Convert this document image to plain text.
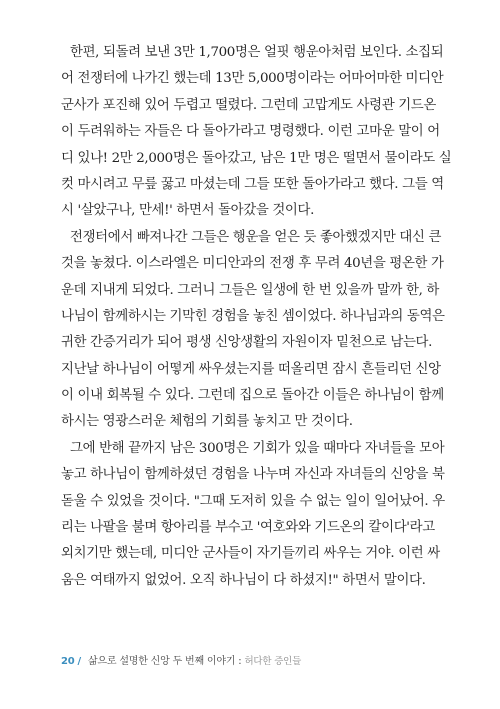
한편, 되돌려 보낸 3만 1,700명은 얼핏 행운아처럼 보인다. 소집되
어 전쟁터에 나가긴 했는데 13만 5,000명이라는 어마어마한 미디안
군사가 포진해 있어 두렵고 떨렸다. 그런데 고맙게도 사령관 기드온
이 두려워하는 자들은 다 돌아가라고 명령했다. 이런 고마운 말이 어
디 있나! 2만 2,000명은 돌아갔고, 남은 1만 명은 떨면서 물이라도 실
컷 마시려고 무릎 꿇고 마셨는데 그들 또한 돌아가라고 했다. 그들 역
시 '살았구나, 만세!' 하면서 돌아갔을 것이다.
전쟁터에서 빠져나간 그들은 행운을 얻은 듯 좋아했겠지만 대신 큰
것을 놓쳤다. 이스라엘은 미디안과의 전쟁 후 무려 40년을 평온한 가
운데 지내게 되었다. 그러니 그들은 일생에 한 번 있을까 말까 한, 하
나님이 함께하시는 기막힌 경험을 놓친 셈이었다. 하나님과의 동역은
귀한 간증거리가 되어 평생 신앙생활의 자원이자 밑천으로 남는다.
지난날 하나님이 어떻게 싸우셨는지를 떠올리면 잠시 흔들리던 신앙
이 이내 회복될 수 있다. 그런데 집으로 돌아간 이들은 하나님이 함께
하시는 영광스러운 체험의 기회를 놓치고 만 것이다.
그에 반해 끝까지 남은 300명은 기회가 있을 때마다 자녀들을 모아
놓고 하나님이 함께하셨던 경험을 나누며 자신과 자녀들의 신앙을 북
돋울 수 있었을 것이다. "그때 도저히 있을 수 없는 일이 일어났어. 우
리는 나팔을 불며 항아리를 부수고 '여호와와 기드온의 칼이다'라고
외치기만 했는데, 미디안 군사들이 자기들끼리 싸우는 거야. 이런 싸
움은 여태까지 없었어. 오직 하나님이 다 하셨지!" 하면서 말이다.
20 / 삶으로 설명한 신앙 두 번째 이야기 : 허다한 증인들
